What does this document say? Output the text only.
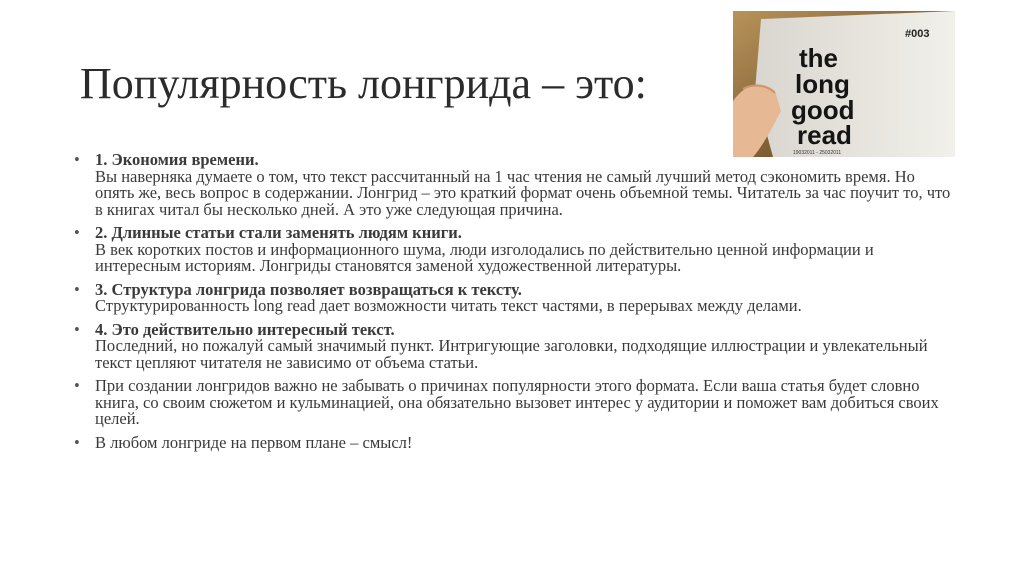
Популярность лонгрида – это:
#003
the
long
good
read
19032011 - 25032011
• 1. Экономия времени.
Вы наверняка думаете о том, что текст рассчитанный на 1 час чтения не самый лучший метод сэкономить время. Но опять же, весь вопрос в содержании. Лонгрид – это краткий формат очень объемной темы. Читатель за час поучит то, что в книгах читал бы несколько дней. А это уже следующая причина.
• 2. Длинные статьи стали заменять людям книги.
В век коротких постов и информационного шума, люди изголодались по действительно ценной информации и интересным историям. Лонгриды становятся заменой художественной литературы.
• 3. Структура лонгрида позволяет возвращаться к тексту.
Структурированность long read дает возможности читать текст частями, в перерывах между делами.
• 4. Это действительно интересный текст.
Последний, но пожалуй самый значимый пункт. Интригующие заголовки, подходящие иллюстрации и увлекательный текст цепляют читателя не зависимо от объема статьи.
• При создании лонгридов важно не забывать о причинах популярности этого формата. Если ваша статья будет словно книга, со своим сюжетом и кульминацией, она обязательно вызовет интерес у аудитории и поможет вам добиться своих целей.
• В любом лонгриде на первом плане – смысл!
